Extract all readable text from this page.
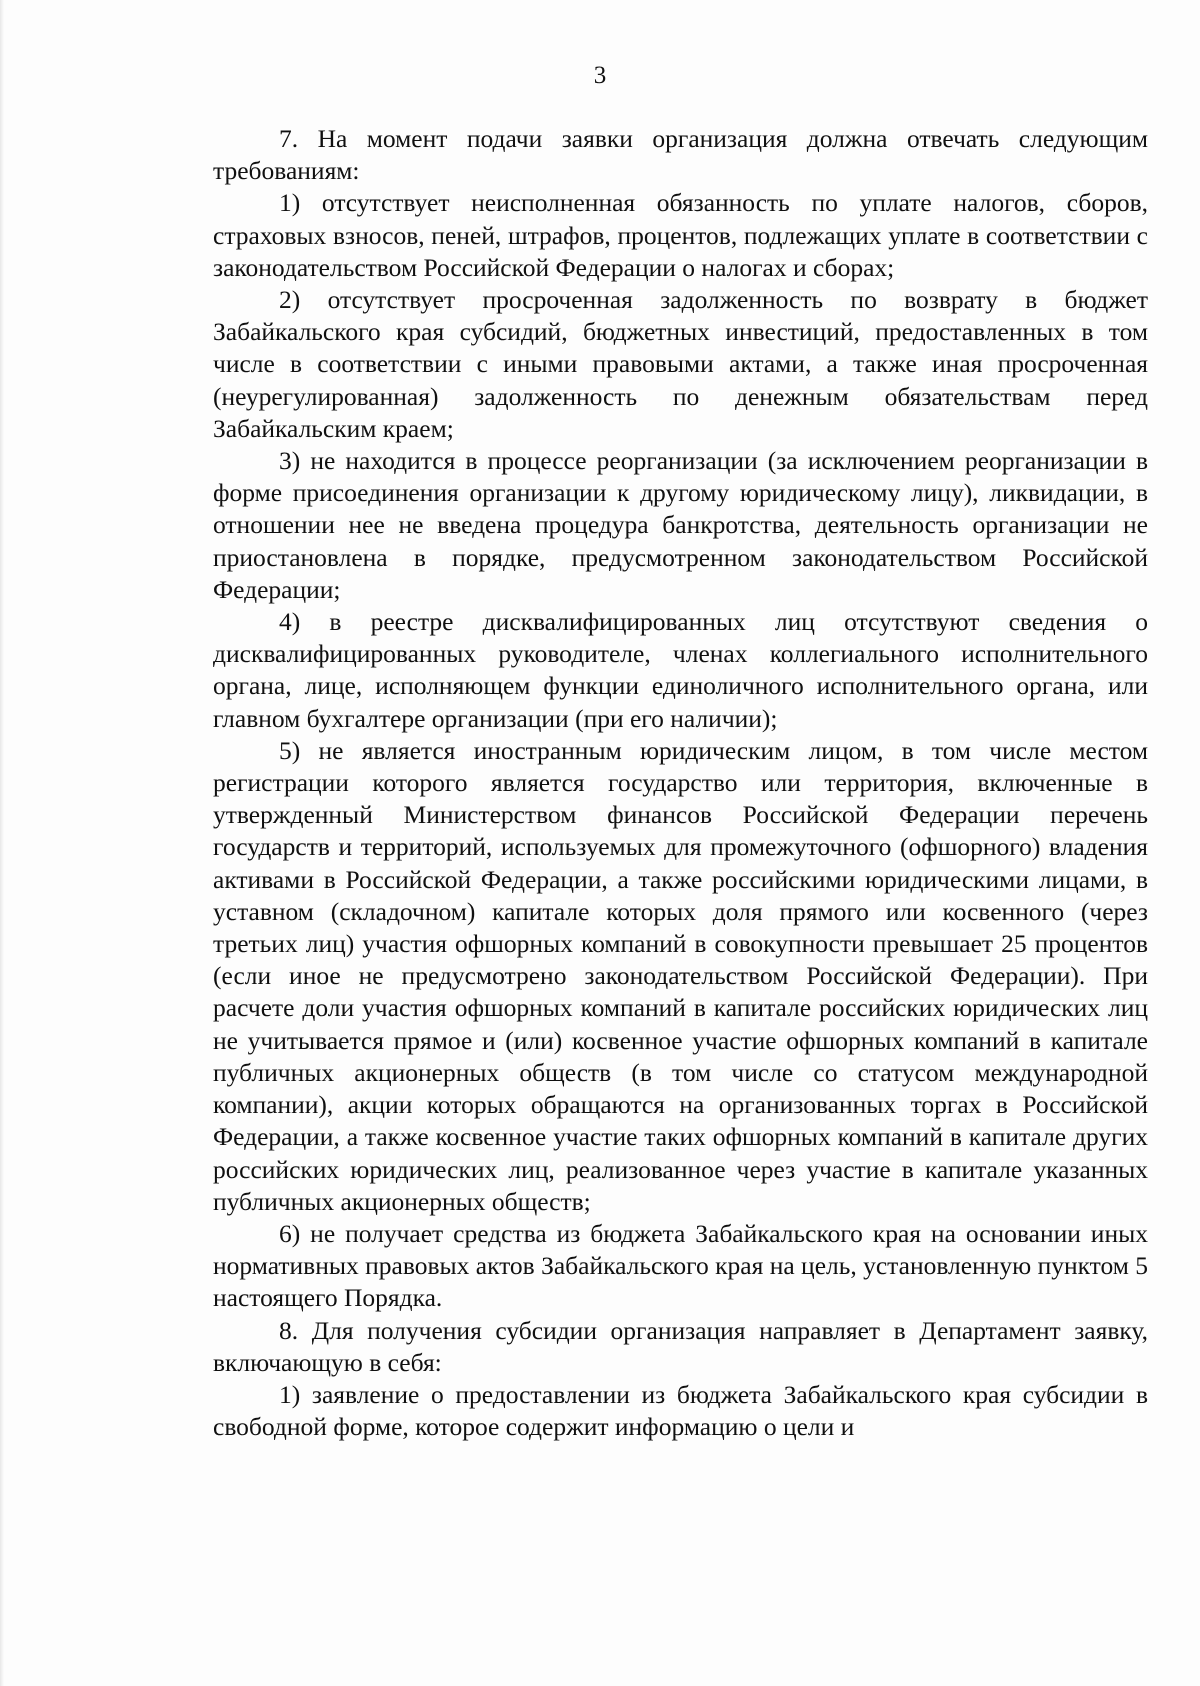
3

7. На момент подачи заявки организация должна отвечать следующим требованиям:

1) отсутствует неисполненная обязанность по уплате налогов, сборов, страховых взносов, пеней, штрафов, процентов, подлежащих уплате в соответствии с законодательством Российской Федерации о налогах и сборах;

2) отсутствует просроченная задолженность по возврату в бюджет Забайкальского края субсидий, бюджетных инвестиций, предоставленных в том числе в соответствии с иными правовыми актами, а также иная просроченная (неурегулированная) задолженность по денежным обязательствам перед Забайкальским краем;

3) не находится в процессе реорганизации (за исключением реорганизации в форме присоединения организации к другому юридическому лицу), ликвидации, в отношении нее не введена процедура банкротства, деятельность организации не приостановлена в порядке, предусмотренном законодательством Российской Федерации;

4) в реестре дисквалифицированных лиц отсутствуют сведения о дисквалифицированных руководителе, членах коллегиального исполнительного органа, лице, исполняющем функции единоличного исполнительного органа, или главном бухгалтере организации (при его наличии);

5) не является иностранным юридическим лицом, в том числе местом регистрации которого является государство или территория, включенные в утвержденный Министерством финансов Российской Федерации перечень государств и территорий, используемых для промежуточного (офшорного) владения активами в Российской Федерации, а также российскими юридическими лицами, в уставном (складочном) капитале которых доля прямого или косвенного (через третьих лиц) участия офшорных компаний в совокупности превышает 25 процентов (если иное не предусмотрено законодательством Российской Федерации). При расчете доли участия офшорных компаний в капитале российских юридических лиц не учитывается прямое и (или) косвенное участие офшорных компаний в капитале публичных акционерных обществ (в том числе со статусом международной компании), акции которых обращаются на организованных торгах в Российской Федерации, а также косвенное участие таких офшорных компаний в капитале других российских юридических лиц, реализованное через участие в капитале указанных публичных акционерных обществ;

6) не получает средства из бюджета Забайкальского края на основании иных нормативных правовых актов Забайкальского края на цель, установленную пунктом 5 настоящего Порядка.

8. Для получения субсидии организация направляет в Департамент заявку, включающую в себя:

1) заявление о предоставлении из бюджета Забайкальского края субсидии в свободной форме, которое содержит информацию о цели и
